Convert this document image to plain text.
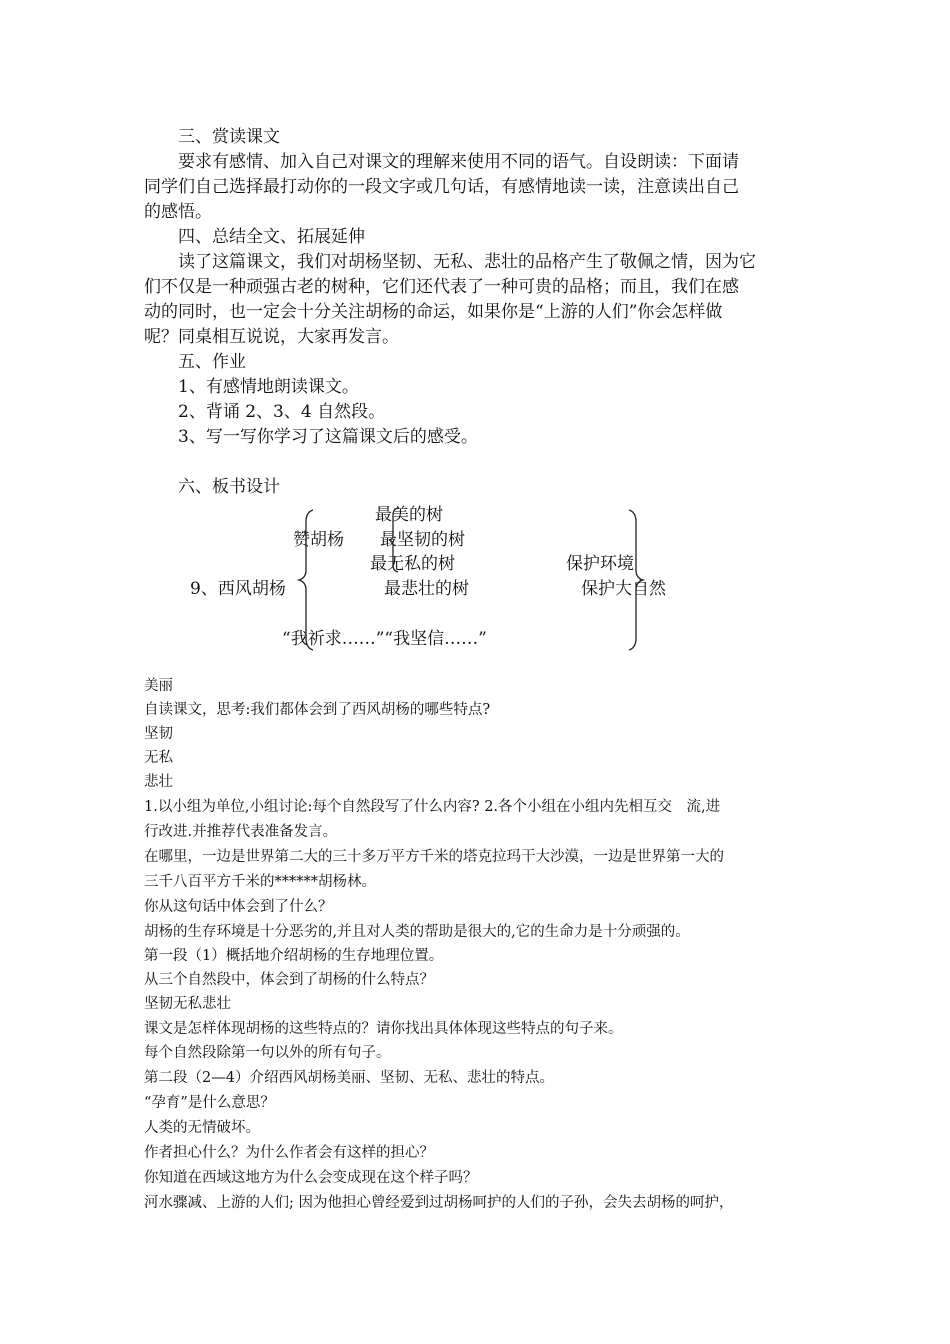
三、赏读课文
要求有感情、加入自己对课文的理解来使用不同的语气。自设朗读：下面请
同学们自己选择最打动你的一段文字或几句话，有感情地读一读，注意读出自己
的感悟。
四、总结全文、拓展延伸
读了这篇课文，我们对胡杨坚韧、无私、悲壮的品格产生了敬佩之情，因为它
们不仅是一种顽强古老的树种，它们还代表了一种可贵的品格；而且，我们在感
动的同时，也一定会十分关注胡杨的命运，如果你是“上游的人们”你会怎样做
呢？同桌相互说说，大家再发言。
五、作业
1、有感情地朗读课文。
2、背诵 2、3、4 自然段。
3、写一写你学习了这篇课文后的感受。
六、板书设计
最美的树
赞胡杨 最坚韧的树
最无私的树	保护环境
9、西风胡杨	最悲壮的树	保护大自然
“我祈求……”“我坚信……”
美丽
自读课文，思考:我们都体会到了西风胡杨的哪些特点?
坚韧
无私
悲壮
1.以小组为单位,小组讨论:每个自然段写了什么内容? 2.各个小组在小组内先相互交　流,进
行改进.并推荐代表准备发言。
在哪里，一边是世界第二大的三十多万平方千米的塔克拉玛干大沙漠，一边是世界第一大的
三千八百平方千米的******胡杨林。
你从这句话中体会到了什么？
胡杨的生存环境是十分恶劣的,并且对人类的帮助是很大的,它的生命力是十分顽强的。
第一段（1）概括地介绍胡杨的生存地理位置。
从三个自然段中，体会到了胡杨的什么特点？
坚韧无私悲壮
课文是怎样体现胡杨的这些特点的？请你找出具体体现这些特点的句子来。
每个自然段除第一句以外的所有句子。
第二段（2—4）介绍西风胡杨美丽、坚韧、无私、悲壮的特点。
“孕育”是什么意思？
人类的无情破坏。
作者担心什么？为什么作者会有这样的担心？
你知道在西域这地方为什么会变成现在这个样子吗？
河水骤减、上游的人们; 因为他担心曾经爱到过胡杨呵护的人们的子孙，会失去胡杨的呵护，
